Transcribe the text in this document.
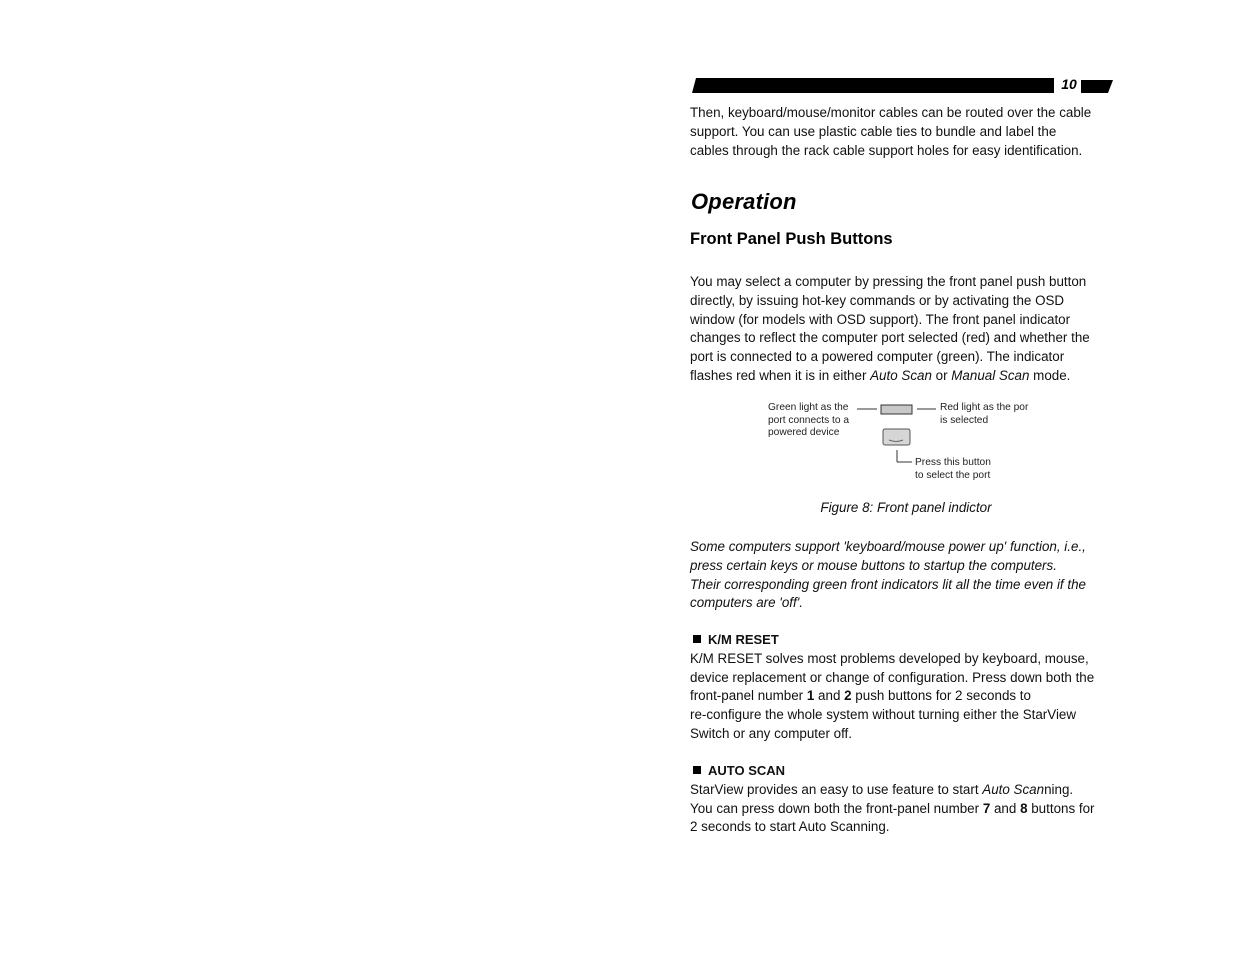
10

Then, keyboard/mouse/monitor cables can be routed over the cable

support. You can use plastic cable ties to bundle and label the

cables through the rack cable support holes for easy identification.

Operation
Front Panel Push Buttons

You may select a computer by pressing the front panel push button

directly, by issuing hot-key commands or by activating the OSD

window (for models with OSD support). The front panel indicator

changes to reflect the computer port selected (red) and whether the

port is connected to a powered computer (green). The indicator

flashes red when it is in either Auto Scan or Manual Scan mode.

Green light as the
port connects to a
powered device
Red light as the por
is selected
Press this button
to select the port
Figure 8: Front panel indictor

Some computers support 'keyboard/mouse power up' function, i.e.,

press certain keys or mouse buttons to startup the computers.

Their corresponding green front indicators lit all the time even if the

computers are 'off'.

K/M RESET

K/M RESET solves most problems developed by keyboard, mouse,

device replacement or change of configuration. Press down both the

front-panel number 1 and 2 push buttons for 2 seconds to

re-configure the whole system without turning either the StarView

Switch or any computer off.

AUTO SCAN

StarView provides an easy to use feature to start Auto Scanning.

You can press down both the front-panel number 7 and 8 buttons for

2 seconds to start Auto Scanning.
